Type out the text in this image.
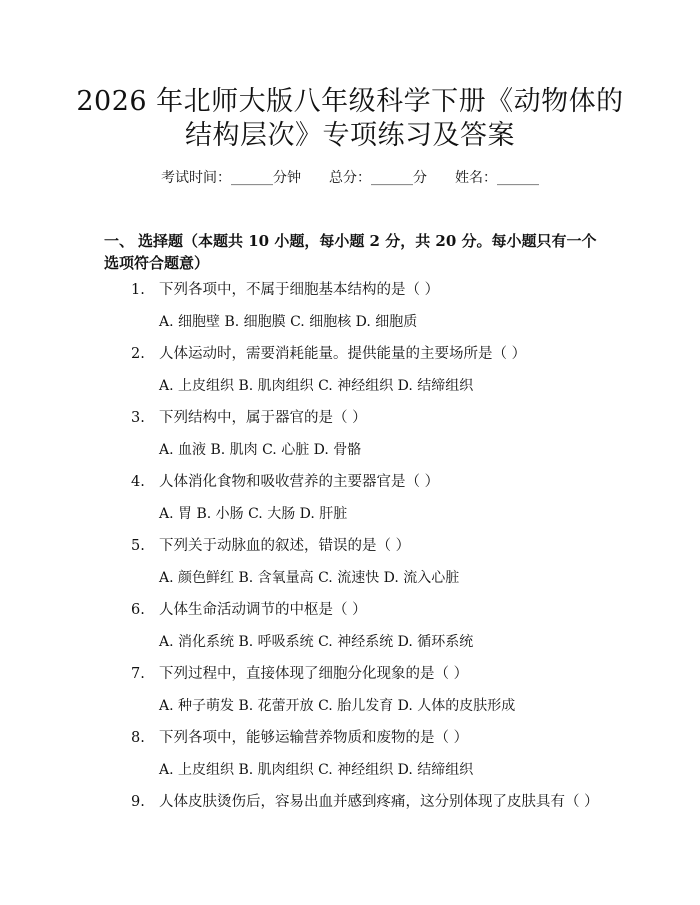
2026 年北师大版八年级科学下册《动物体的
结构层次》专项练习及答案
考试时间：______分钟 总分：______分 姓名：______
一、 选择题（本题共 10 小题，每小题 2 分，共 20 分。每小题只有一个选项符合题意）
1. 下列各项中，不属于细胞基本结构的是（ ）
A. 细胞壁 B. 细胞膜 C. 细胞核 D. 细胞质
2. 人体运动时，需要消耗能量。提供能量的主要场所是（ ）
A. 上皮组织 B. 肌肉组织 C. 神经组织 D. 结缔组织
3. 下列结构中，属于器官的是（ ）
A. 血液 B. 肌肉 C. 心脏 D. 骨骼
4. 人体消化食物和吸收营养的主要器官是（ ）
A. 胃 B. 小肠 C. 大肠 D. 肝脏
5. 下列关于动脉血的叙述，错误的是（ ）
A. 颜色鲜红 B. 含氧量高 C. 流速快 D. 流入心脏
6. 人体生命活动调节的中枢是（ ）
A. 消化系统 B. 呼吸系统 C. 神经系统 D. 循环系统
7. 下列过程中，直接体现了细胞分化现象的是（ ）
A. 种子萌发 B. 花蕾开放 C. 胎儿发育 D. 人体的皮肤形成
8. 下列各项中，能够运输营养物质和废物的是（ ）
A. 上皮组织 B. 肌肉组织 C. 神经组织 D. 结缔组织
9. 人体皮肤烫伤后，容易出血并感到疼痛，这分别体现了皮肤具有（ ）
